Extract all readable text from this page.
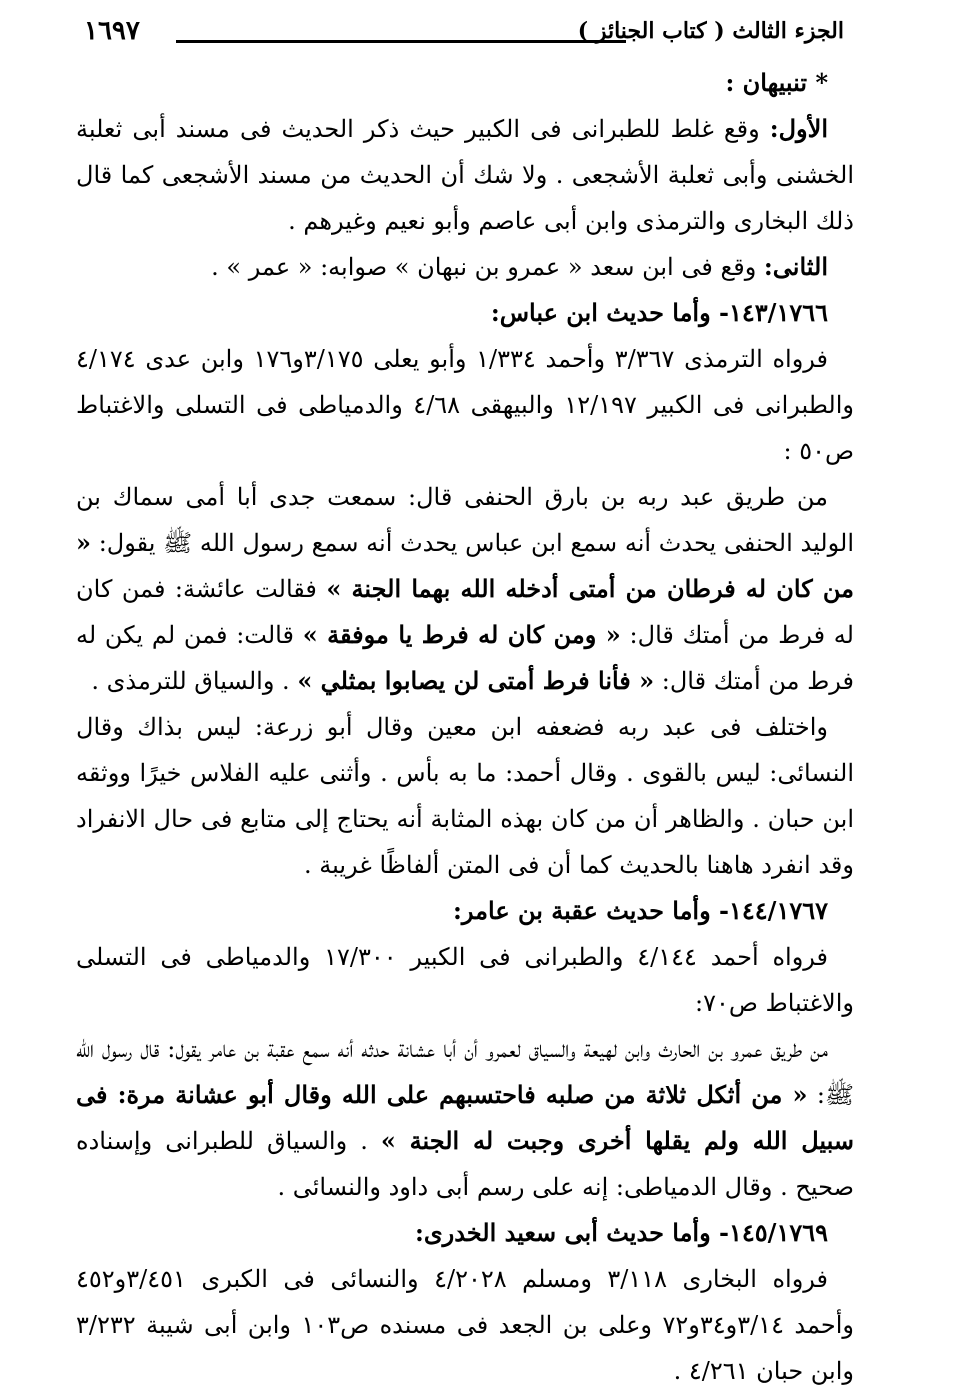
الجزء الثالث ( كتاب الجنائز )
١٦٩٧

* تنبيهان :

الأول: وقع غلط للطبرانى فى الكبير حيث ذكر الحديث فى مسند أبى ثعلبة الخشنى وأبى ثعلبة الأشجعى . ولا شك أن الحديث من مسند الأشجعى كما قال ذلك البخارى والترمذى وابن أبى عاصم وأبو نعيم وغيرهم .

الثانى: وقع فى ابن سعد « عمرو بن نبهان » صوابه: « عمر » .

١٤٣/١٧٦٦- وأما حديث ابن عباس:

فرواه الترمذى ٣/٣٦٧ وأحمد ١/٣٣٤ وأبو يعلى ٣/١٧٥و١٧٦ وابن عدى ٤/١٧٤ والطبرانى فى الكبير ١٢/١٩٧ والبيهقى ٤/٦٨ والدمياطى فى التسلى والاغتباط ص٥٠ :

من طريق عبد ربه بن بارق الحنفى قال: سمعت جدى أبا أمى سماك بن الوليد الحنفى يحدث أنه سمع ابن عباس يحدث أنه سمع رسول الله ﷺ يقول: « من كان له فرطان من أمتى أدخله الله بهما الجنة » فقالت عائشة: فمن كان له فرط من أمتك قال: « ومن كان له فرط يا موفقة » قالت: فمن لم يكن له فرط من أمتك قال: « فأنا فرط أمتى لن يصابوا بمثلي » . والسياق للترمذى .

واختلف فى عبد ربه فضعفه ابن معين وقال أبو زرعة: ليس بذاك وقال النسائى: ليس بالقوى . وقال أحمد: ما به بأس . وأثنى عليه الفلاس خيرًا ووثقه ابن حبان . والظاهر أن من كان بهذه المثابة أنه يحتاج إلى متابع فى حال الانفراد وقد انفرد هاهنا بالحديث كما أن فى المتن ألفاظًا غريبة .

١٤٤/١٧٦٧- وأما حديث عقبة بن عامر:

فرواه أحمد ٤/١٤٤ والطبرانى فى الكبير ١٧/٣٠٠ والدمياطى فى التسلى والاغتباط ص٧٠:

من طريق عمرو بن الحارث وابن لهيعة والسياق لعمرو أن أبا عشانة حدثه أنه سمع عقبة بن عامر يقول: قال رسول الله ﷺ: « من أثكل ثلاثة من صلبه فاحتسبهم على الله وقال أبو عشانة مرة: فى سبيل الله ولم يقلها أخرى وجبت له الجنة » . والسياق للطبرانى وإسناده صحيح . وقال الدمياطى: إنه على رسم أبى داود والنسائى .

١٤٥/١٧٦٩- وأما حديث أبى سعيد الخدرى:

فرواه البخارى ٣/١١٨ ومسلم ٤/٢٠٢٨ والنسائى فى الكبرى ٣/٤٥١و٤٥٢ وأحمد ٣/١٤و٣٤و٧٢ وعلى بن الجعد فى مسنده ص١٠٣ وابن أبى شيبة ٣/٢٣٢ وابن حبان ٤/٢٦١ .
